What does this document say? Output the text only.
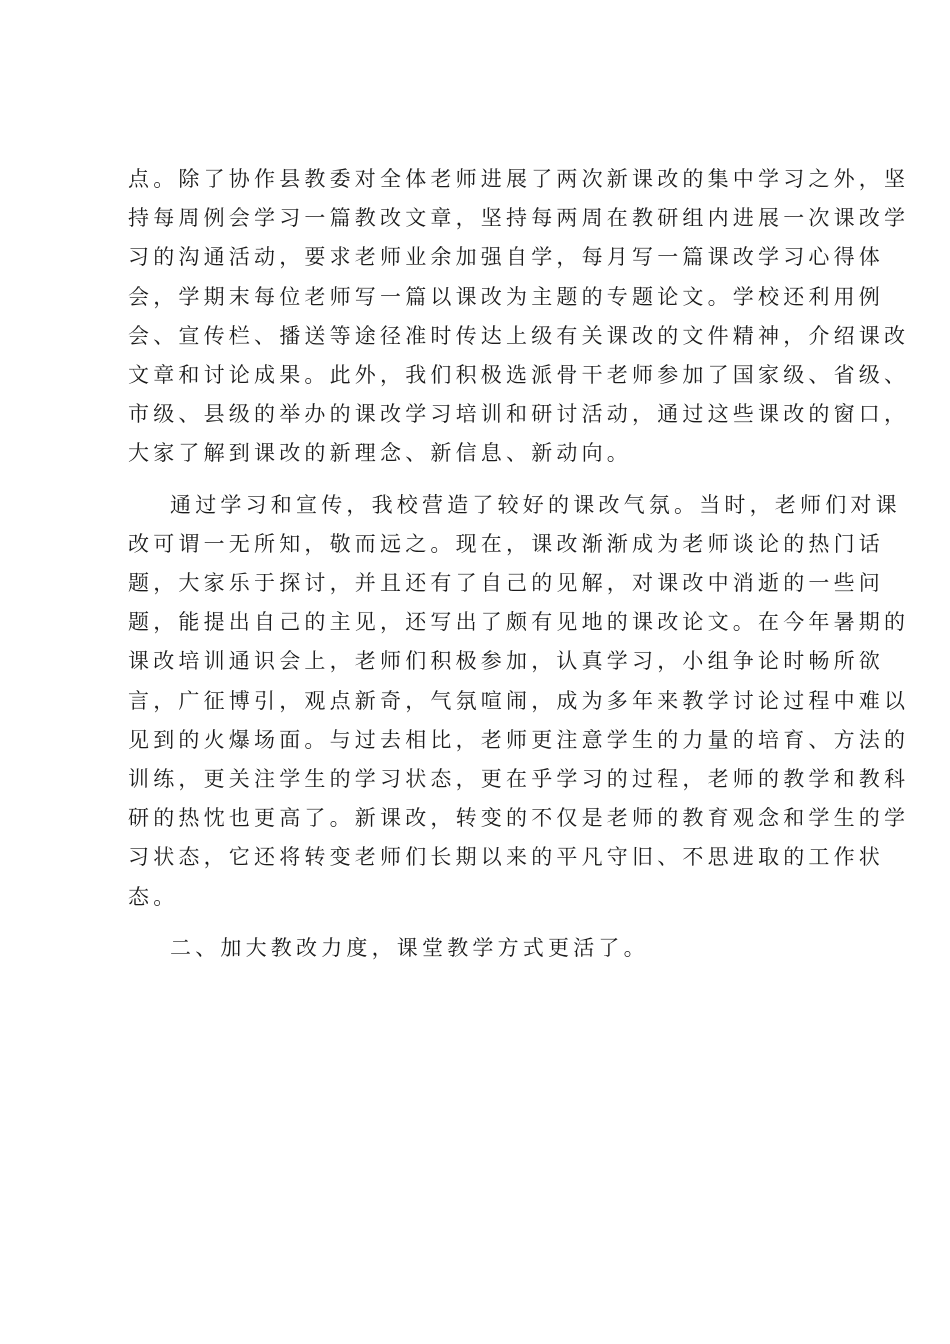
点。除了协作县教委对全体老师进展了两次新课改的集中学习之外，坚
持每周例会学习一篇教改文章，坚持每两周在教研组内进展一次课改学
习的沟通活动，要求老师业余加强自学，每月写一篇课改学习心得体
会，学期末每位老师写一篇以课改为主题的专题论文。学校还利用例
会、宣传栏、播送等途径准时传达上级有关课改的文件精神，介绍课改
文章和讨论成果。此外，我们积极选派骨干老师参加了国家级、省级、
市级、县级的举办的课改学习培训和研讨活动，通过这些课改的窗口，
大家了解到课改的新理念、新信息、新动向。

通过学习和宣传，我校营造了较好的课改气氛。当时，老师们对课
改可谓一无所知，敬而远之。现在，课改渐渐成为老师谈论的热门话
题，大家乐于探讨，并且还有了自己的见解，对课改中消逝的一些问
题，能提出自己的主见，还写出了颇有见地的课改论文。在今年暑期的
课改培训通识会上，老师们积极参加，认真学习，小组争论时畅所欲
言，广征博引，观点新奇，气氛喧闹，成为多年来教学讨论过程中难以
见到的火爆场面。与过去相比，老师更注意学生的力量的培育、方法的
训练，更关注学生的学习状态，更在乎学习的过程，老师的教学和教科
研的热忱也更高了。新课改，转变的不仅是老师的教育观念和学生的学
习状态，它还将转变老师们长期以来的平凡守旧、不思进取的工作状
态。

二、加大教改力度，课堂教学方式更活了。
